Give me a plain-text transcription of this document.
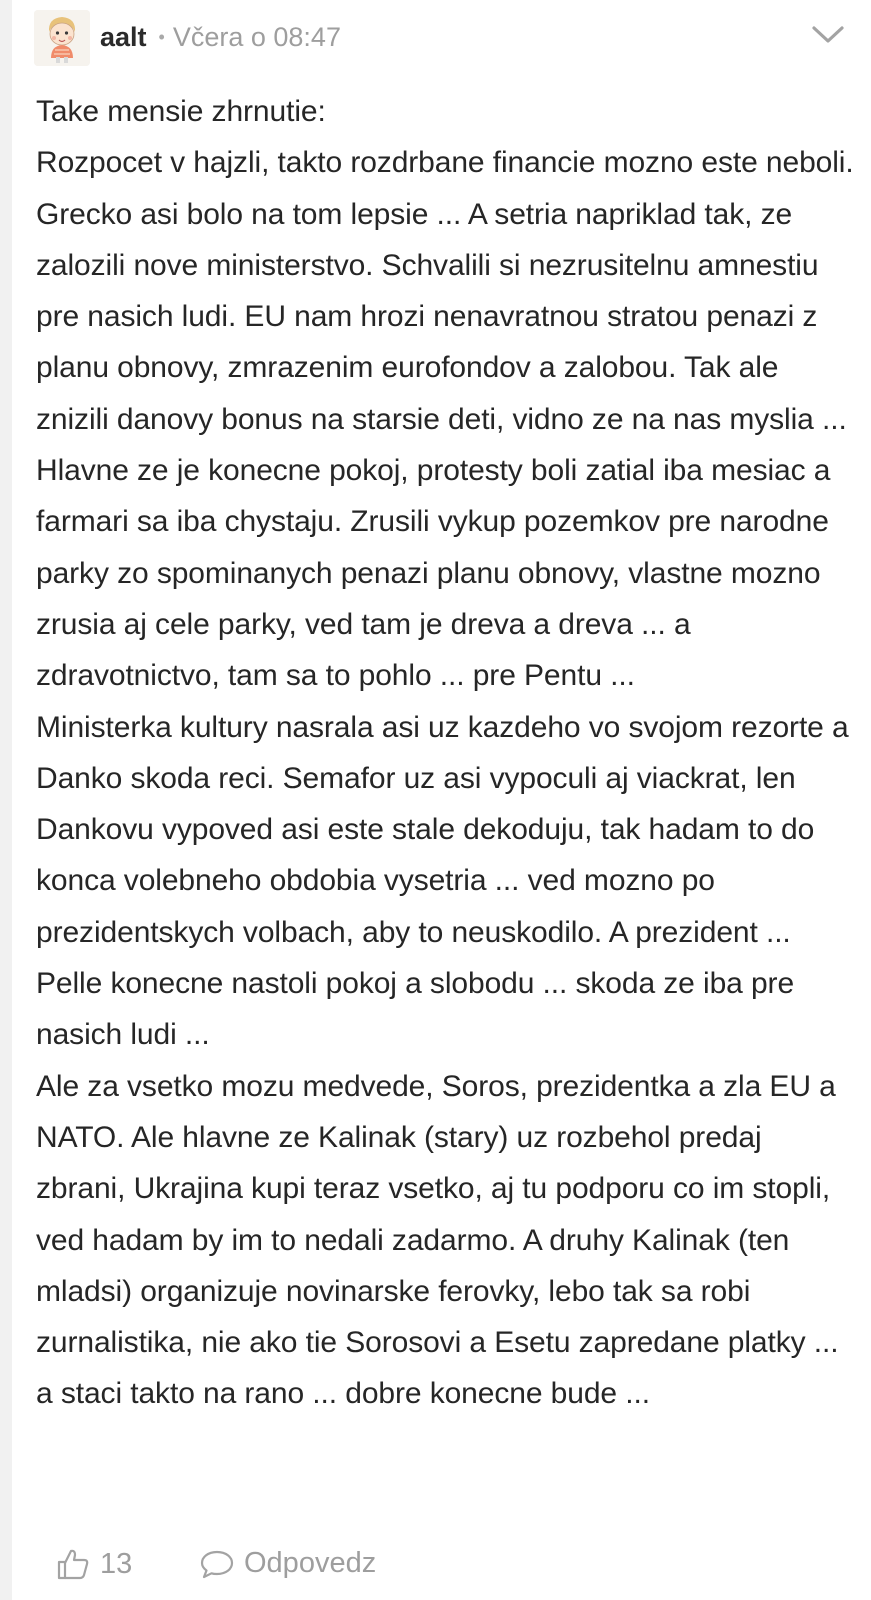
aalt • Včera o 08:47
Take mensie zhrnutie:
Rozpocet v hajzli, takto rozdrbane financie mozno este neboli. Grecko asi bolo na tom lepsie ... A setria napriklad tak, ze zalozili nove ministerstvo. Schvalili si nezrusitelnu amnestiu pre nasich ludi. EU nam hrozi nenavratnou stratou penazi z planu obnovy, zmrazenim eurofondov a zalobou. Tak ale znizili danovy bonus na starsie deti, vidno ze na nas myslia ... Hlavne ze je konecne pokoj, protesty boli zatial iba mesiac a farmari sa iba chystaju. Zrusili vykup pozemkov pre narodne parky zo spominanych penazi planu obnovy, vlastne mozno zrusia aj cele parky, ved tam je dreva a dreva ... a zdravotnictvo, tam sa to pohlo ... pre Pentu ...
Ministerka kultury nasrala asi uz kazdeho vo svojom rezorte a Danko skoda reci. Semafor uz asi vypoculi aj viackrat, len Dankovu vypoved asi este stale dekoduju, tak hadam to do konca volebneho obdobia vysetria ... ved mozno po prezidentskych volbach, aby to neuskodilo. A prezident ... Pelle konecne nastoli pokoj a slobodu ... skoda ze iba pre nasich ludi ...
Ale za vsetko mozu medvede, Soros, prezidentka a zla EU a NATO. Ale hlavne ze Kalinak (stary) uz rozbehol predaj zbrani, Ukrajina kupi teraz vsetko, aj tu podporu co im stopli, ved hadam by im to nedali zadarmo. A druhy Kalinak (ten mladsi) organizuje novinarske ferovky, lebo tak sa robi zurnalistika, nie ako tie Sorosovi a Esetu zapredane platky ... a staci takto na rano ... dobre konecne bude ...
13	Odpovedz
